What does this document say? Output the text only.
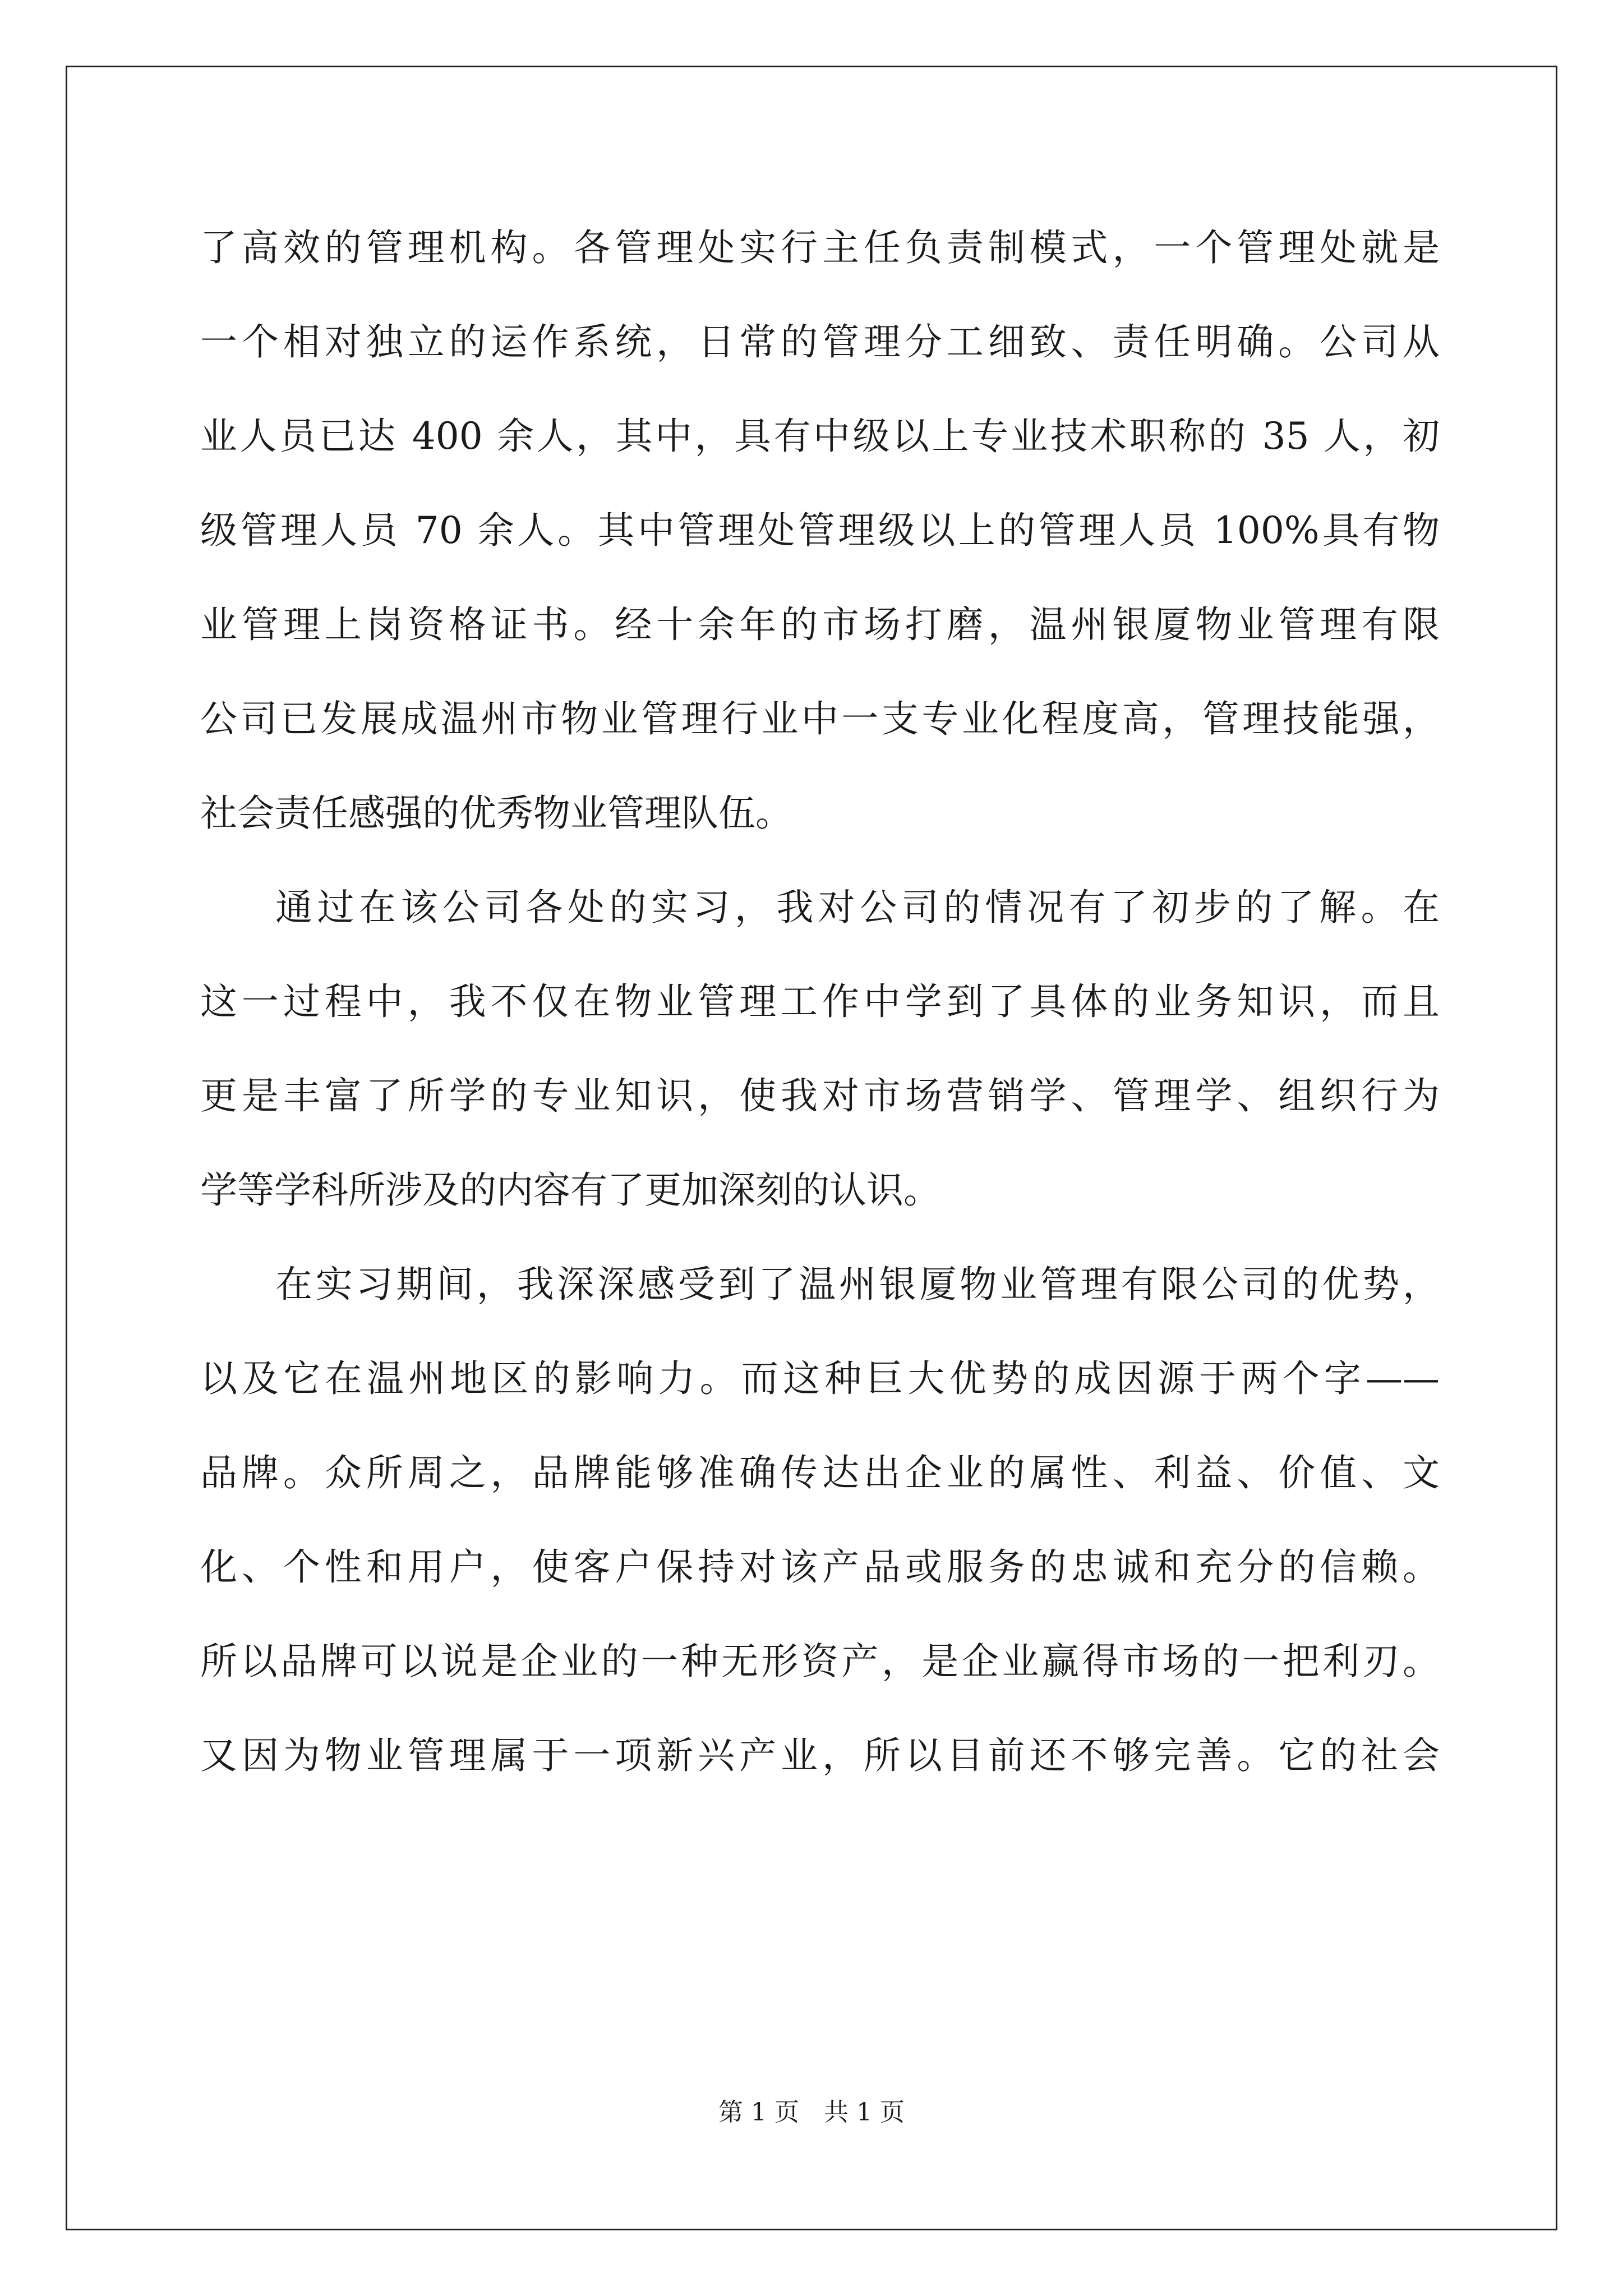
了高效的管理机构。各管理处实行主任负责制模式，一个管理处就是
一个相对独立的运作系统，日常的管理分工细致、责任明确。公司从
业人员已达 400 余人，其中，具有中级以上专业技术职称的 35 人，初
级管理人员 70 余人。其中管理处管理级以上的管理人员 100%具有物
业管理上岗资格证书。经十余年的市场打磨，温州银厦物业管理有限
公司已发展成温州市物业管理行业中一支专业化程度高，管理技能强，
社会责任感强的优秀物业管理队伍。
通过在该公司各处的实习，我对公司的情况有了初步的了解。在
这一过程中，我不仅在物业管理工作中学到了具体的业务知识，而且
更是丰富了所学的专业知识，使我对市场营销学、管理学、组织行为
学等学科所涉及的内容有了更加深刻的认识。
在实习期间，我深深感受到了温州银厦物业管理有限公司的优势，
以及它在温州地区的影响力。而这种巨大优势的成因源于两个字——
品牌。众所周之，品牌能够准确传达出企业的属性、利益、价值、文
化、个性和用户，使客户保持对该产品或服务的忠诚和充分的信赖。
所以品牌可以说是企业的一种无形资产，是企业赢得市场的一把利刃。
又因为物业管理属于一项新兴产业，所以目前还不够完善。它的社会
第 1 页　共 1 页
